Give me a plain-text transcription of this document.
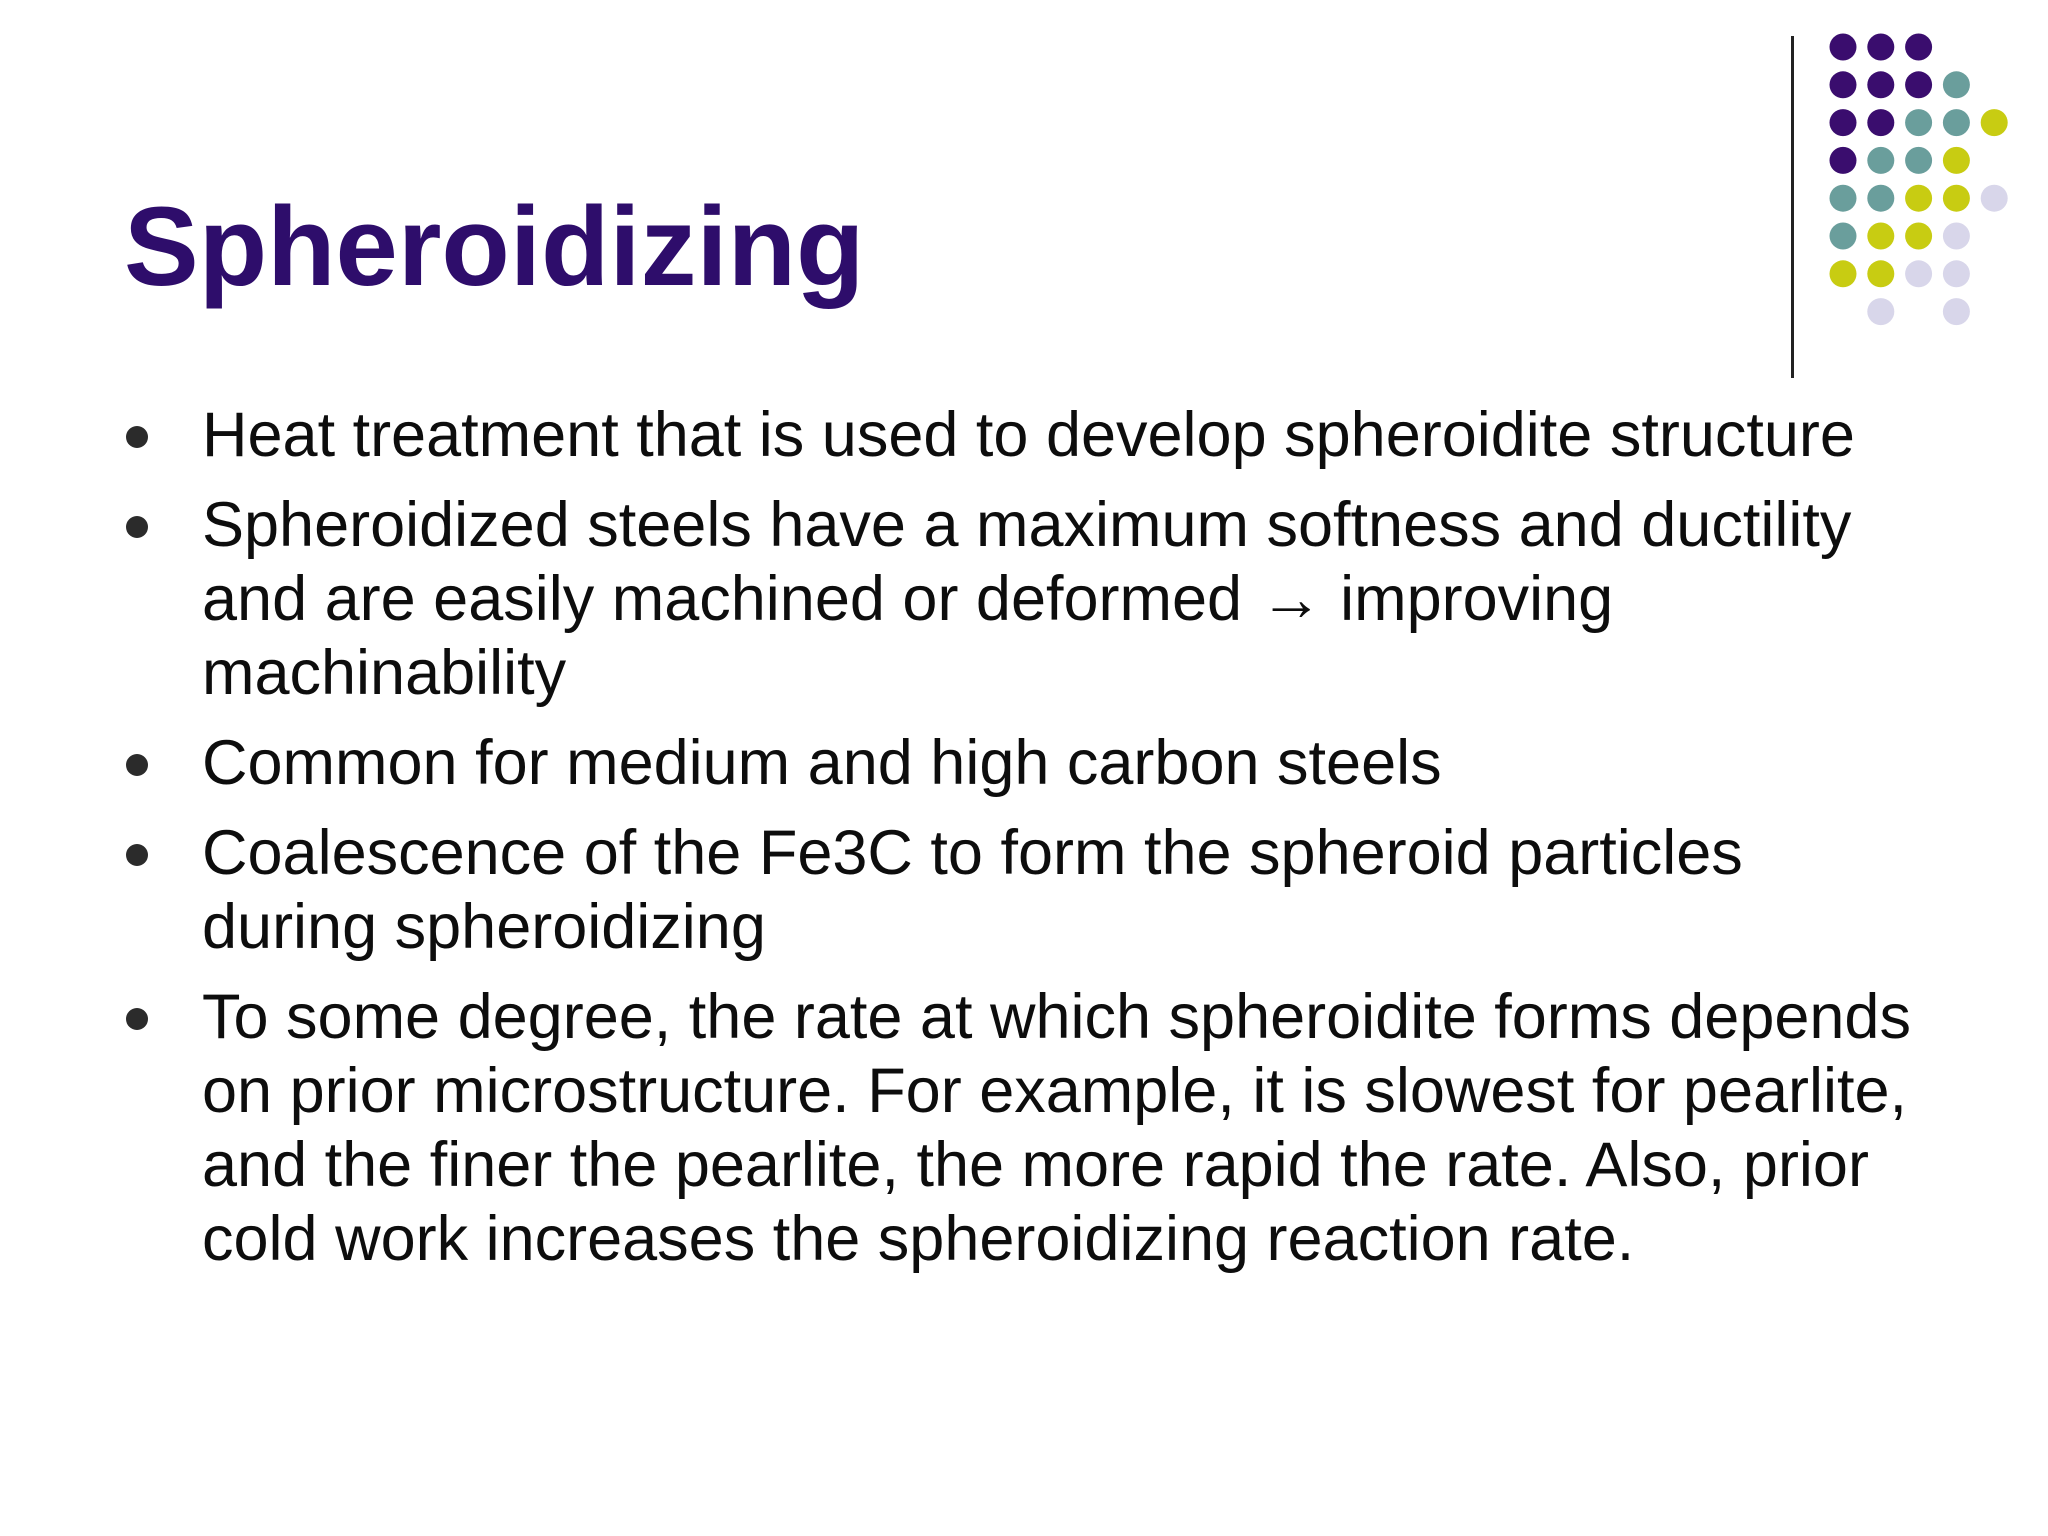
Spheroidizing
Heat treatment that is used to develop spheroidite structure
Spheroidized steels have a maximum softness and ductility and are easily machined or deformed → improving machinability
Common for medium and high carbon steels
Coalescence of the Fe3C to form the spheroid particles during spheroidizing
To some degree, the rate at which spheroidite forms depends on prior microstructure. For example, it is slowest for pearlite, and the finer the pearlite, the more rapid the rate. Also, prior cold work increases the spheroidizing reaction rate.
